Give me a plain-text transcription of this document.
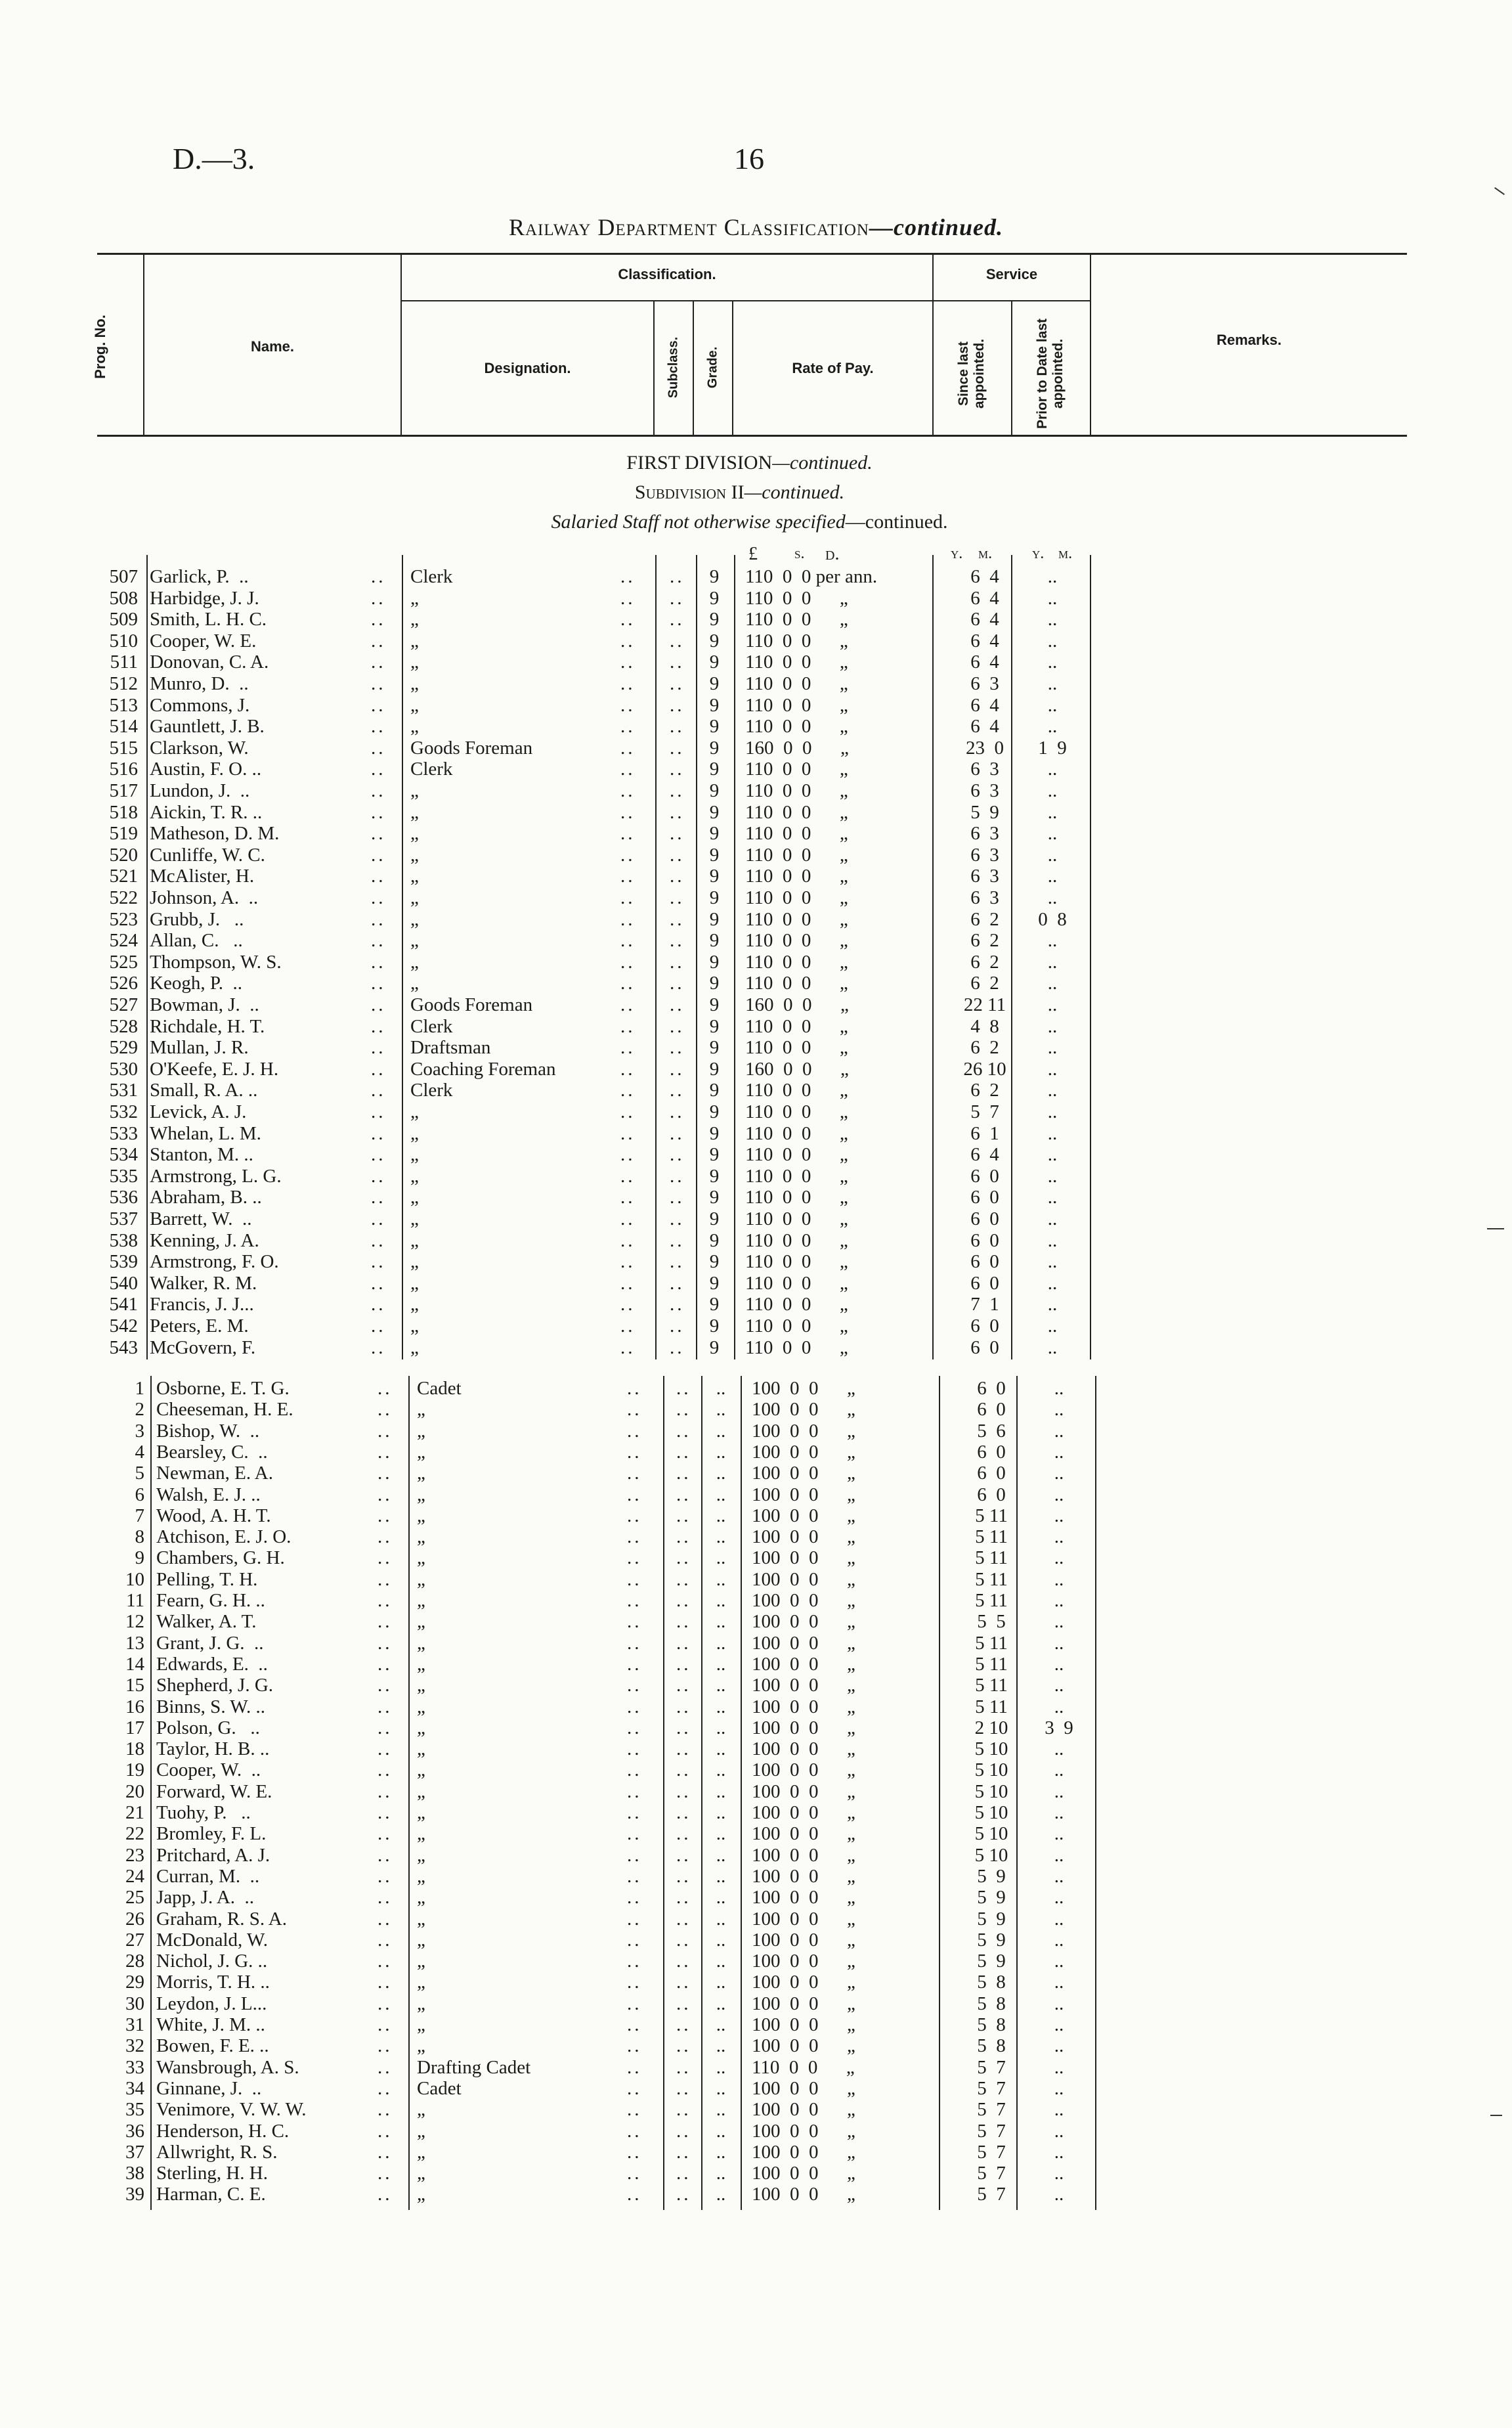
D.—3.	16
Railway Department Classification—continued.
Prog. No.	Name.
Classification.
Designation.	Subclass. Grade.	Rate of Pay.
Service
Since last appointed.	Prior to Date last appointed.	Remarks.
FIRST DIVISION—continued.
Subdivision II—continued.
Salaried Staff not otherwise specified—continued.
£ s. d.	y. m.	y. m.
507 Garlick, P.  ..	.. Clerk	.. .. 9 110  0  0 per ann.	6  4	..
508 Harbidge, J. J.	.. „	.. .. 9 110  0  0      „	6  4	..
509 Smith, L. H. C.	.. „	.. .. 9 110  0  0      „	6  4	..
510 Cooper, W. E.	.. „	.. .. 9 110  0  0      „	6  4	..
511 Donovan, C. A.	.. „	.. .. 9 110  0  0      „	6  4	..
512 Munro, D.  ..	.. „	.. .. 9 110  0  0      „	6  3	..
513 Commons, J.	.. „	.. .. 9 110  0  0      „	6  4	..
514 Gauntlett, J. B.	.. „	.. .. 9 110  0  0      „	6  4	..
515 Clarkson, W.	.. Goods Foreman	.. .. 9 160  0  0      „	23  0	1  9
516 Austin, F. O. ..	.. Clerk	.. .. 9 110  0  0      „	6  3	..
517 Lundon, J.  ..	.. „	.. .. 9 110  0  0      „	6  3	..
518 Aickin, T. R. ..	.. „	.. .. 9 110  0  0      „	5  9	..
519 Matheson, D. M.	.. „	.. .. 9 110  0  0      „	6  3	..
520 Cunliffe, W. C.	.. „	.. .. 9 110  0  0      „	6  3	..
521 McAlister, H.	.. „	.. .. 9 110  0  0      „	6  3	..
522 Johnson, A.  ..	.. „	.. .. 9 110  0  0      „	6  3	..
523 Grubb, J.   ..	.. „	.. .. 9 110  0  0      „	6  2	0  8
524 Allan, C.   ..	.. „	.. .. 9 110  0  0      „	6  2	..
525 Thompson, W. S.	.. „	.. .. 9 110  0  0      „	6  2	..
526 Keogh, P.  ..	.. „	.. .. 9 110  0  0      „	6  2	..
527 Bowman, J.  ..	.. Goods Foreman	.. .. 9 160  0  0      „	22 11	..
528 Richdale, H. T.	.. Clerk	.. .. 9 110  0  0      „	4  8	..
529 Mullan, J. R.	.. Draftsman	.. .. 9 110  0  0      „	6  2	..
530 O'Keefe, E. J. H.	.. Coaching Foreman	.. .. 9 160  0  0      „	26 10	..
531 Small, R. A. ..	.. Clerk	.. .. 9 110  0  0      „	6  2	..
532 Levick, A. J.	.. „	.. .. 9 110  0  0      „	5  7	..
533 Whelan, L. M.	.. „	.. .. 9 110  0  0      „	6  1	..
534 Stanton, M. ..	.. „	.. .. 9 110  0  0      „	6  4	..
535 Armstrong, L. G.	.. „	.. .. 9 110  0  0      „	6  0	..
536 Abraham, B. ..	.. „	.. .. 9 110  0  0      „	6  0	..
537 Barrett, W.  ..	.. „	.. .. 9 110  0  0      „	6  0	..
538 Kenning, J. A.	.. „	.. .. 9 110  0  0      „	6  0	..
539 Armstrong, F. O.	.. „	.. .. 9 110  0  0      „	6  0	..
540 Walker, R. M.	.. „	.. .. 9 110  0  0      „	6  0	..
541 Francis, J. J...	.. „	.. .. 9 110  0  0      „	7  1	..
542 Peters, E. M.	.. „	.. .. 9 110  0  0      „	6  0	..
543 McGovern, F.	.. „	.. .. 9 110  0  0      „	6  0	..
1 Osborne, E. T. G.	.. Cadet	.. .. .. 100  0  0      „	6  0	..
2 Cheeseman, H. E.	.. „	.. .. .. 100  0  0      „	6  0	..
3 Bishop, W.  ..	.. „	.. .. .. 100  0  0      „	5  6	..
4 Bearsley, C.  ..	.. „	.. .. .. 100  0  0      „	6  0	..
5 Newman, E. A.	.. „	.. .. .. 100  0  0      „	6  0	..
6 Walsh, E. J. ..	.. „	.. .. .. 100  0  0      „	6  0	..
7 Wood, A. H. T.	.. „	.. .. .. 100  0  0      „	5 11	..
8 Atchison, E. J. O.	.. „	.. .. .. 100  0  0      „	5 11	..
9 Chambers, G. H.	.. „	.. .. .. 100  0  0      „	5 11	..
10 Pelling, T. H.	.. „	.. .. .. 100  0  0      „	5 11	..
11 Fearn, G. H. ..	.. „	.. .. .. 100  0  0      „	5 11	..
12 Walker, A. T.	.. „	.. .. .. 100  0  0      „	5  5	..
13 Grant, J. G.  ..	.. „	.. .. .. 100  0  0      „	5 11	..
14 Edwards, E.  ..	.. „	.. .. .. 100  0  0      „	5 11	..
15 Shepherd, J. G.	.. „	.. .. .. 100  0  0      „	5 11	..
16 Binns, S. W. ..	.. „	.. .. .. 100  0  0      „	5 11	..
17 Polson, G.   ..	.. „	.. .. .. 100  0  0      „	2 10	3  9
18 Taylor, H. B. ..	.. „	.. .. .. 100  0  0      „	5 10	..
19 Cooper, W.  ..	.. „	.. .. .. 100  0  0      „	5 10	..
20 Forward, W. E.	.. „	.. .. .. 100  0  0      „	5 10	..
21 Tuohy, P.   ..	.. „	.. .. .. 100  0  0      „	5 10	..
22 Bromley, F. L.	.. „	.. .. .. 100  0  0      „	5 10	..
23 Pritchard, A. J.	.. „	.. .. .. 100  0  0      „	5 10	..
24 Curran, M.  ..	.. „	.. .. .. 100  0  0      „	5  9	..
25 Japp, J. A.  ..	.. „	.. .. .. 100  0  0      „	5  9	..
26 Graham, R. S. A.	.. „	.. .. .. 100  0  0      „	5  9	..
27 McDonald, W.	.. „	.. .. .. 100  0  0      „	5  9	..
28 Nichol, J. G. ..	.. „	.. .. .. 100  0  0      „	5  9	..
29 Morris, T. H. ..	.. „	.. .. .. 100  0  0      „	5  8	..
30 Leydon, J. L...	.. „	.. .. .. 100  0  0      „	5  8	..
31 White, J. M. ..	.. „	.. .. .. 100  0  0      „	5  8	..
32 Bowen, F. E. ..	.. „	.. .. .. 100  0  0      „	5  8	..
33 Wansbrough, A. S.	.. Drafting Cadet	.. .. .. 110  0  0      „	5  7	..
34 Ginnane, J.  ..	.. Cadet	.. .. .. 100  0  0      „	5  7	..
35 Venimore, V. W. W.	.. „	.. .. .. 100  0  0      „	5  7	..
36 Henderson, H. C.	.. „	.. .. .. 100  0  0      „	5  7	..
37 Allwright, R. S.	.. „	.. .. .. 100  0  0      „	5  7	..
38 Sterling, H. H.	.. „	.. .. .. 100  0  0      „	5  7	..
39 Harman, C. E.	.. „	.. .. .. 100  0  0      „	5  7	..
